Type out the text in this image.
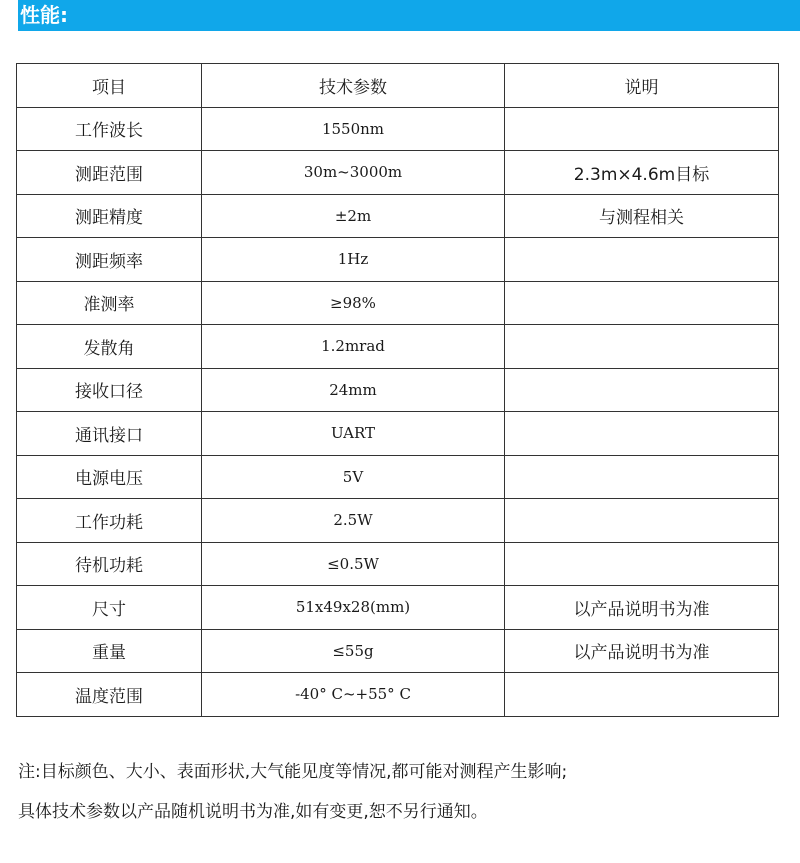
性能:
项目	技术参数	说明
工作波长	1550nm	
测距范围	30m~3000m	2.3m×4.6m目标
测距精度	±2m	与测程相关
测距频率	1Hz	
准测率	≥98%	
发散角	1.2mrad	
接收口径	24mm	
通讯接口	UART	
电源电压	5V	
工作功耗	2.5W	
待机功耗	≤0.5W	
尺寸	51x49x28(mm)	以产品说明书为准
重量	≤55g	以产品说明书为准
温度范围	-40° C~+55° C	
注:目标颜色、大小、表面形状,大气能见度等情况,都可能对测程产生影响;
具体技术参数以产品随机说明书为准,如有变更,恕不另行通知。
